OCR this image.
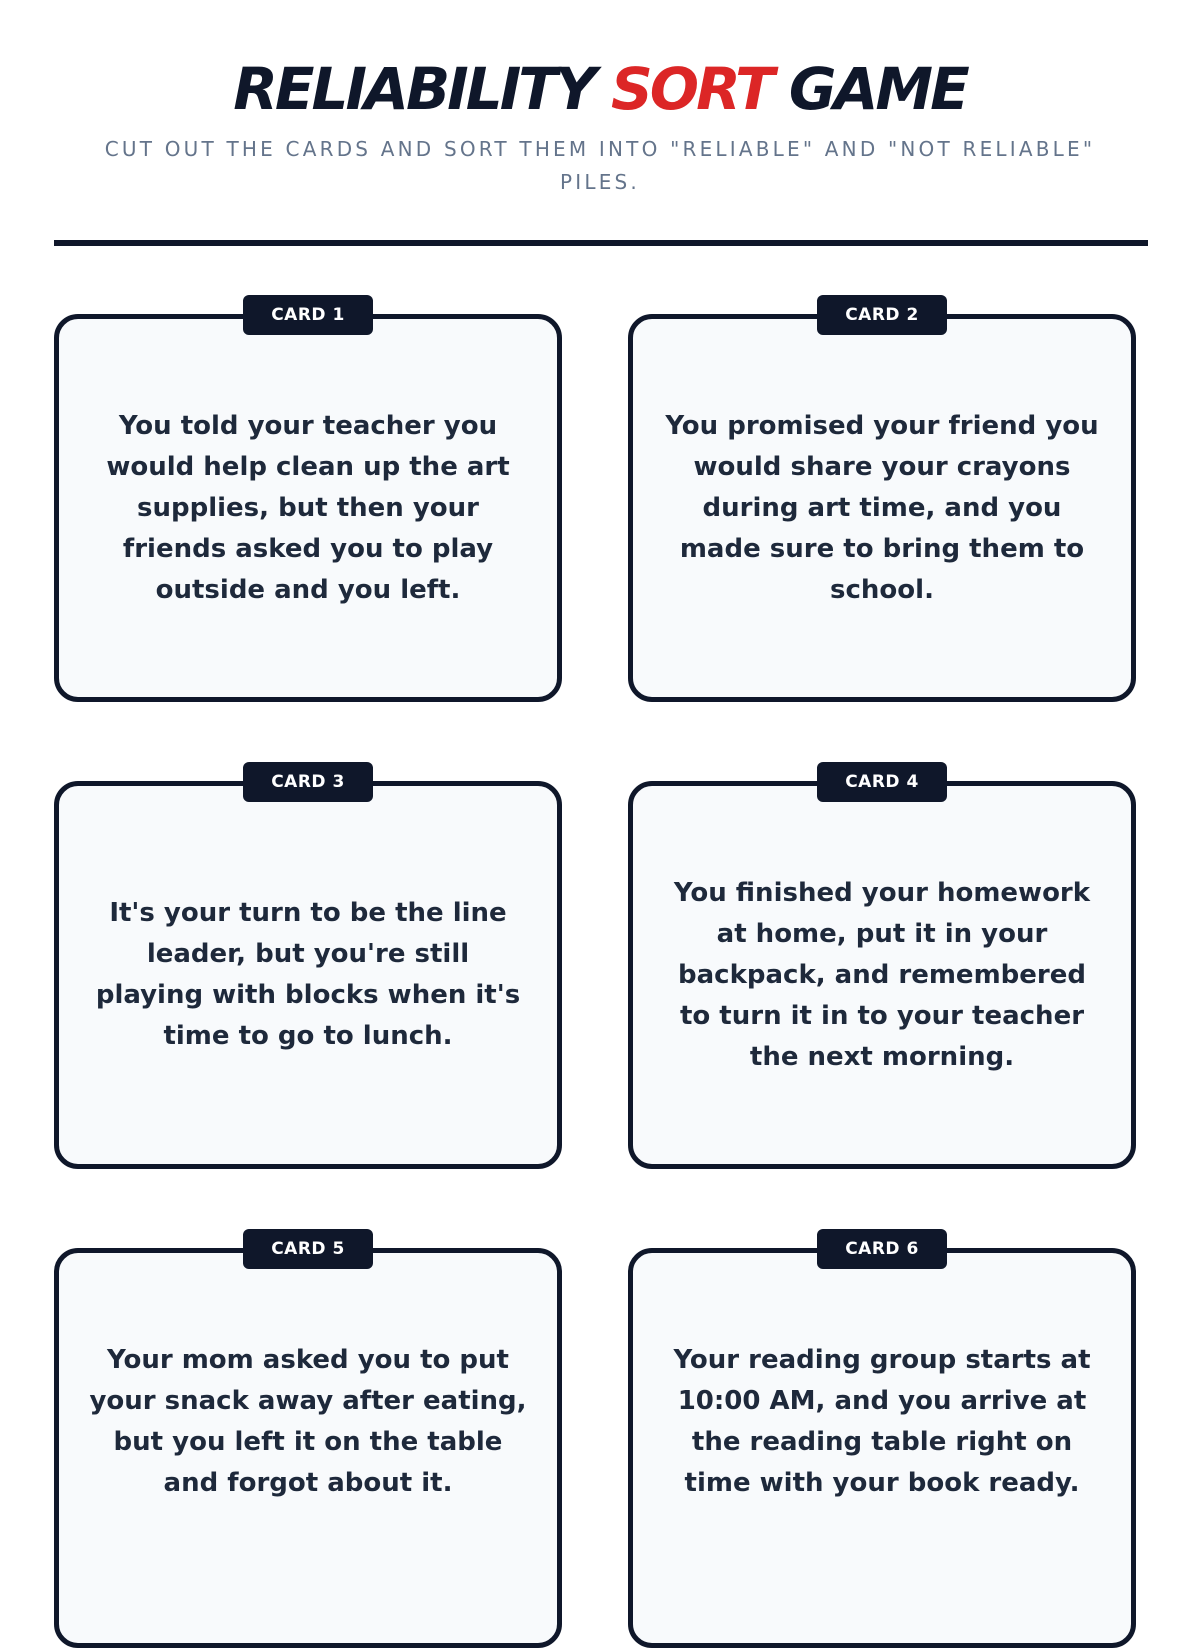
RELIABILITY SORT GAME
CUT OUT THE CARDS AND SORT THEM INTO "RELIABLE" AND "NOT RELIABLE" PILES.
CARD 1
You told your teacher you would help clean up the art supplies, but then your friends asked you to play outside and you left.
CARD 2
You promised your friend you would share your crayons during art time, and you made sure to bring them to school.
CARD 3
It's your turn to be the line leader, but you're still playing with blocks when it's time to go to lunch.
CARD 4
You finished your homework at home, put it in your backpack, and remembered to turn it in to your teacher the next morning.
CARD 5
Your mom asked you to put your snack away after eating, but you left it on the table and forgot about it.
CARD 6
Your reading group starts at 10:00 AM, and you arrive at the reading table right on time with your book ready.
